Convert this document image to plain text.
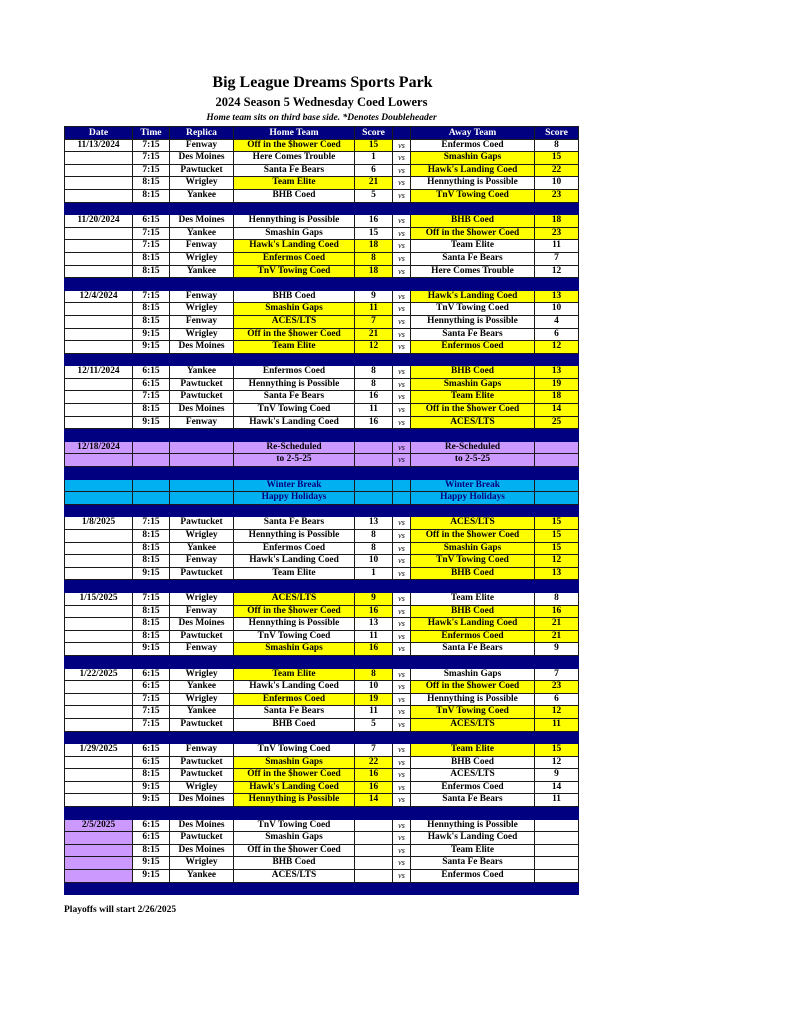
Big League Dreams Sports Park
2024 Season 5 Wednesday Coed Lowers
Home team sits on third base side. *Denotes Doubleheader
Date	Time	Replica	Home Team	Score		Away Team	Score
11/13/2024	7:15	Fenway	Off in the $hower Coed	15	vs	Enfermos Coed	8
	7:15	Des Moines	Here Comes Trouble	1	vs	Smashin Gaps	15
	7:15	Pawtucket	Santa Fe Bears	6	vs	Hawk's Landing Coed	22
	8:15	Wrigley	Team Elite	21	vs	Hennything is Possible	10
	8:15	Yankee	BHB Coed	5	vs	TnV Towing Coed	23

11/20/2024	6:15	Des Moines	Hennything is Possible	16	vs	BHB Coed	18
	7:15	Yankee	Smashin Gaps	15	vs	Off in the $hower Coed	23
	7:15	Fenway	Hawk's Landing Coed	18	vs	Team Elite	11
	8:15	Wrigley	Enfermos Coed	8	vs	Santa Fe Bears	7
	8:15	Yankee	TnV Towing Coed	18	vs	Here Comes Trouble	12

12/4/2024	7:15	Fenway	BHB Coed	9	vs	Hawk's Landing Coed	13
	8:15	Wrigley	Smashin Gaps	11	vs	TnV Towing Coed	10
	8:15	Fenway	ACES/LTS	7	vs	Hennything is Possible	4
	9:15	Wrigley	Off in the $hower Coed	21	vs	Santa Fe Bears	6
	9:15	Des Moines	Team Elite	12	vs	Enfermos Coed	12

12/11/2024	6:15	Yankee	Enfermos Coed	8	vs	BHB Coed	13
	6:15	Pawtucket	Hennything is Possible	8	vs	Smashin Gaps	19
	7:15	Pawtucket	Santa Fe Bears	16	vs	Team Elite	18
	8:15	Des Moines	TnV Towing Coed	11	vs	Off in the $hower Coed	14
	9:15	Fenway	Hawk's Landing Coed	16	vs	ACES/LTS	25

12/18/2024			Re-Scheduled		vs	Re-Scheduled	
			to 2-5-25		vs	to 2-5-25	

			Winter Break			Winter Break	
			Happy Holidays			Happy Holidays	

1/8/2025	7:15	Pawtucket	Santa Fe Bears	13	vs	ACES/LTS	15
	8:15	Wrigley	Hennything is Possible	8	vs	Off in the $hower Coed	15
	8:15	Yankee	Enfermos Coed	8	vs	Smashin Gaps	15
	8:15	Fenway	Hawk's Landing Coed	10	vs	TnV Towing Coed	12
	9:15	Pawtucket	Team Elite	1	vs	BHB Coed	13

1/15/2025	7:15	Wrigley	ACES/LTS	9	vs	Team Elite	8
	8:15	Fenway	Off in the $hower Coed	16	vs	BHB Coed	16
	8:15	Des Moines	Hennything is Possible	13	vs	Hawk's Landing Coed	21
	8:15	Pawtucket	TnV Towing Coed	11	vs	Enfermos Coed	21
	9:15	Fenway	Smashin Gaps	16	vs	Santa Fe Bears	9

1/22/2025	6:15	Wrigley	Team Elite	8	vs	Smashin Gaps	7
	6:15	Yankee	Hawk's Landing Coed	10	vs	Off in the $hower Coed	23
	7:15	Wrigley	Enfermos Coed	19	vs	Hennything is Possible	6
	7:15	Yankee	Santa Fe Bears	11	vs	TnV Towing Coed	12
	7:15	Pawtucket	BHB Coed	5	vs	ACES/LTS	11

1/29/2025	6:15	Fenway	TnV Towing Coed	7	vs	Team Elite	15
	6:15	Pawtucket	Smashin Gaps	22	vs	BHB Coed	12
	8:15	Pawtucket	Off in the $hower Coed	16	vs	ACES/LTS	9
	9:15	Wrigley	Hawk's Landing Coed	16	vs	Enfermos Coed	14
	9:15	Des Moines	Hennything is Possible	14	vs	Santa Fe Bears	11

2/5/2025	6:15	Des Moines	TnV Towing Coed		vs	Hennything is Possible	
	6:15	Pawtucket	Smashin Gaps		vs	Hawk's Landing Coed	
	8:15	Des Moines	Off in the $hower Coed		vs	Team Elite	
	9:15	Wrigley	BHB Coed		vs	Santa Fe Bears	
	9:15	Yankee	ACES/LTS		vs	Enfermos Coed	

Playoffs will start 2/26/2025
